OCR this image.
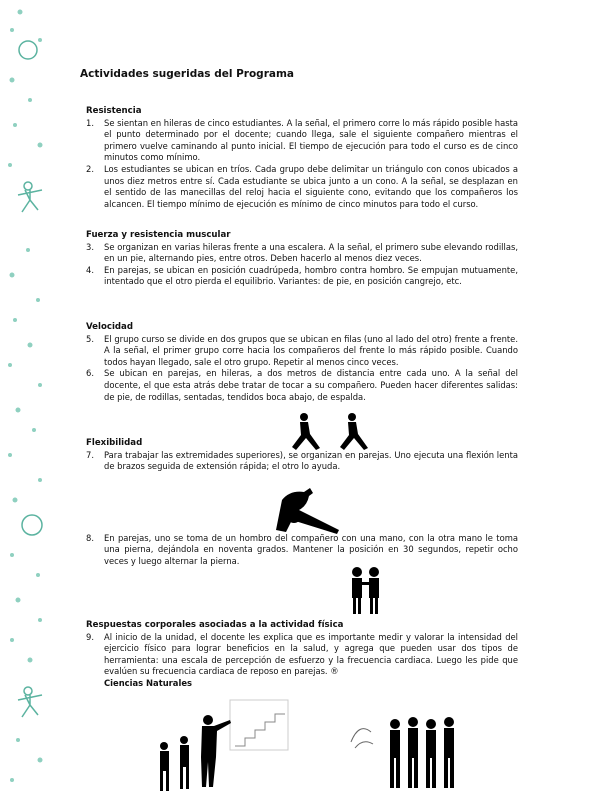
Actividades sugeridas del Programa
Resistencia
1. Se sientan en hileras de cinco estudiantes. A la señal, el primero corre lo más rápido posible hasta el punto determinado por el docente; cuando llega, sale el siguiente compañero mientras el primero vuelve caminando al punto inicial. El tiempo de ejecución para todo el curso es de cinco minutos como mínimo.
2. Los estudiantes se ubican en tríos. Cada grupo debe delimitar un triángulo con conos ubicados a unos diez metros entre sí. Cada estudiante se ubica junto a un cono. A la señal, se desplazan en el sentido de las manecillas del reloj hacia el siguiente cono, evitando que los compañeros los alcancen. El tiempo mínimo de ejecución es mínimo de cinco minutos para todo el curso.
Fuerza y resistencia muscular
3. Se organizan en varias hileras frente a una escalera. A la señal, el primero sube elevando rodillas, en un pie, alternando pies, entre otros. Deben hacerlo al menos diez veces.
4. En parejas, se ubican en posición cuadrúpeda, hombro contra hombro. Se empujan mutuamente, intentado que el otro pierda el equilibrio. Variantes: de pie, en posición cangrejo, etc.
Velocidad
5. El grupo curso se divide en dos grupos que se ubican en filas (uno al lado del otro) frente a frente. A la señal, el primer grupo corre hacia los compañeros del frente lo más rápido posible. Cuando todos hayan llegado, sale el otro grupo. Repetir al menos cinco veces.
6. Se ubican en parejas, en hileras, a dos metros de distancia entre cada uno. A la señal del docente, el que esta atrás debe tratar de tocar a su compañero. Pueden hacer diferentes salidas: de pie, de rodillas, sentadas, tendidos boca abajo, de espalda.
Flexibilidad
7. Para trabajar las extremidades superiores), se organizan en parejas. Uno ejecuta una flexión lenta de brazos seguida de extensión rápida; el otro lo ayuda.
8. En parejas, uno se toma de un hombro del compañero con una mano, con la otra mano le toma una pierna, dejándola en noventa grados. Mantener la posición en 30 segundos, repetir ocho veces y luego alternar la pierna.
Respuestas corporales asociadas a la actividad física
9. Al inicio de la unidad, el docente les explica que es importante medir y valorar la intensidad del ejercicio físico para lograr beneficios en la salud, y agrega que pueden usar dos tipos de herramienta: una escala de percepción de esfuerzo y la frecuencia cardiaca. Luego les pide que evalúen su frecuencia cardiaca de reposo en parejas. ®
Ciencias Naturales
